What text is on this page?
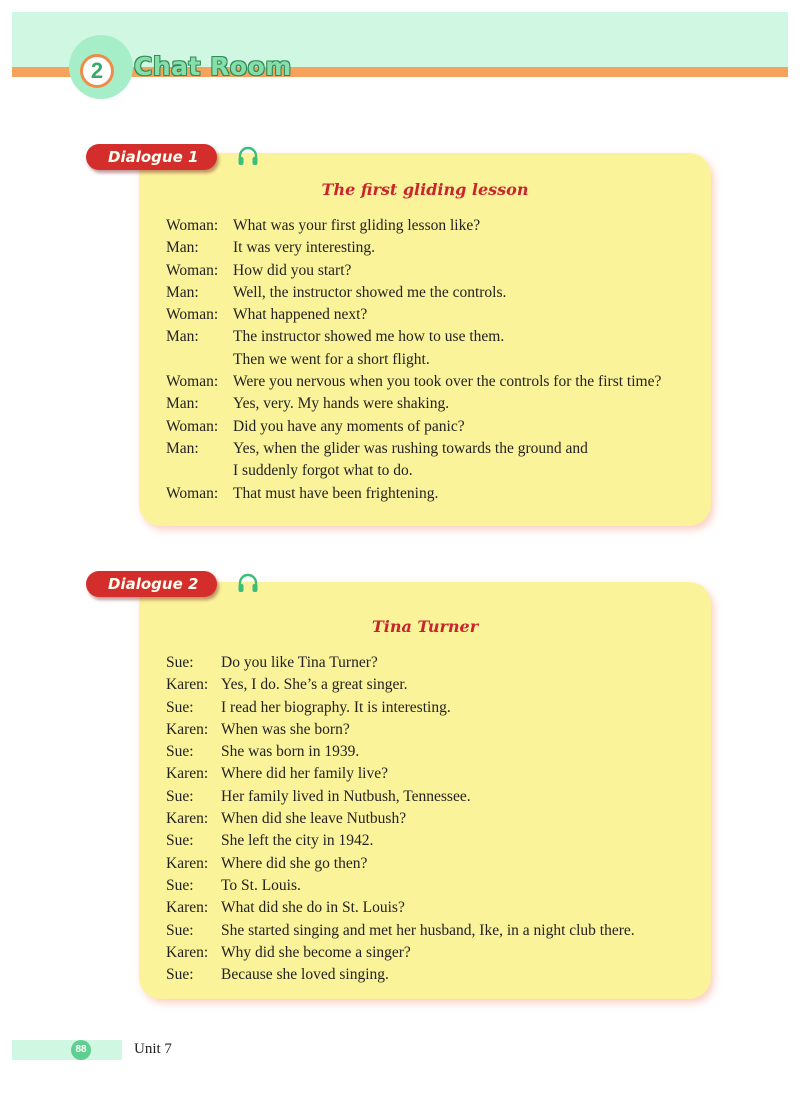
2	Chat Room
The first gliding lesson
Woman: What was your first gliding lesson like?
Man: It was very interesting.
Woman: How did you start?
Man: Well, the instructor showed me the controls.
Woman: What happened next?
Man: The instructor showed me how to use them.
Then we went for a short flight.
Woman: Were you nervous when you took over the controls for the first time?
Man: Yes, very. My hands were shaking.
Woman: Did you have any moments of panic?
Man: Yes, when the glider was rushing towards the ground and
I suddenly forgot what to do.
Woman: That must have been frightening.
Dialogue 1
Tina Turner
Sue: Do you like Tina Turner?
Karen: Yes, I do. She’s a great singer.
Sue: I read her biography. It is interesting.
Karen: When was she born?
Sue: She was born in 1939.
Karen: Where did her family live?
Sue: Her family lived in Nutbush, Tennessee.
Karen: When did she leave Nutbush?
Sue: She left the city in 1942.
Karen: Where did she go then?
Sue: To St. Louis.
Karen: What did she do in St. Louis?
Sue: She started singing and met her husband, Ike, in a night club there.
Karen: Why did she become a singer?
Sue: Because she loved singing.
Dialogue 2
88	Unit 7
